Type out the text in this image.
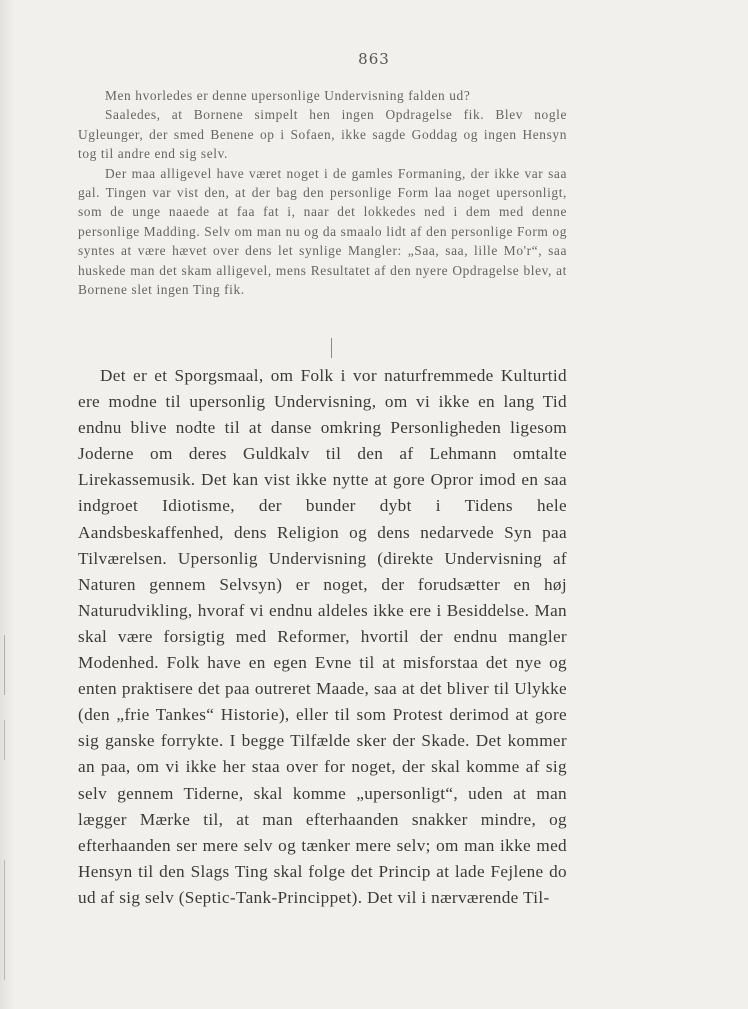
863

Men hvorledes er denne upersonlige Undervisning falden ud?

Saaledes, at Bornene simpelt hen ingen Opdragelse fik. Blev nogle Ugleunger, der smed Benene op i Sofaen, ikke sagde Goddag og ingen Hensyn tog til andre end sig selv.

Der maa alligevel have været noget i de gamles Formaning, der ikke var saa gal. Tingen var vist den, at der bag den personlige Form laa noget upersonligt, som de unge naaede at faa fat i, naar det lokkedes ned i dem med denne personlige Madding. Selv om man nu og da smaalo lidt af den personlige Form og syntes at være hævet over dens let synlige Mangler: „Saa, saa, lille Mo'r“, saa huskede man det skam alligevel, mens Resultatet af den nyere Opdragelse blev, at Bornene slet ingen Ting fik.

Det er et Sporgsmaal, om Folk i vor naturfremmede Kulturtid ere modne til upersonlig Undervisning, om vi ikke en lang Tid endnu blive nodte til at danse omkring Personligheden ligesom Joderne om deres Guldkalv til den af Lehmann omtalte Lirekassemusik. Det kan vist ikke nytte at gore Opror imod en saa indgroet Idiotisme, der bunder dybt i Tidens hele Aandsbeskaffenhed, dens Religion og dens nedarvede Syn paa Tilværelsen. Upersonlig Undervisning (direkte Undervisning af Naturen gennem Selvsyn) er noget, der forudsætter en høj Naturudvikling, hvoraf vi endnu aldeles ikke ere i Besiddelse. Man skal være forsigtig med Reformer, hvortil der endnu mangler Modenhed. Folk have en egen Evne til at misforstaa det nye og enten praktisere det paa outreret Maade, saa at det bliver til Ulykke (den „frie Tankes“ Historie), eller til som Protest derimod at gore sig ganske forrykte. I begge Tilfælde sker der Skade. Det kommer an paa, om vi ikke her staa over for noget, der skal komme af sig selv gennem Tiderne, skal komme „upersonligt“, uden at man lægger Mærke til, at man efterhaanden snakker mindre, og efterhaanden ser mere selv og tænker mere selv; om man ikke med Hensyn til den Slags Ting skal folge det Princip at lade Fejlene do ud af sig selv (Septic-Tank-Princippet). Det vil i nærværende Til-
